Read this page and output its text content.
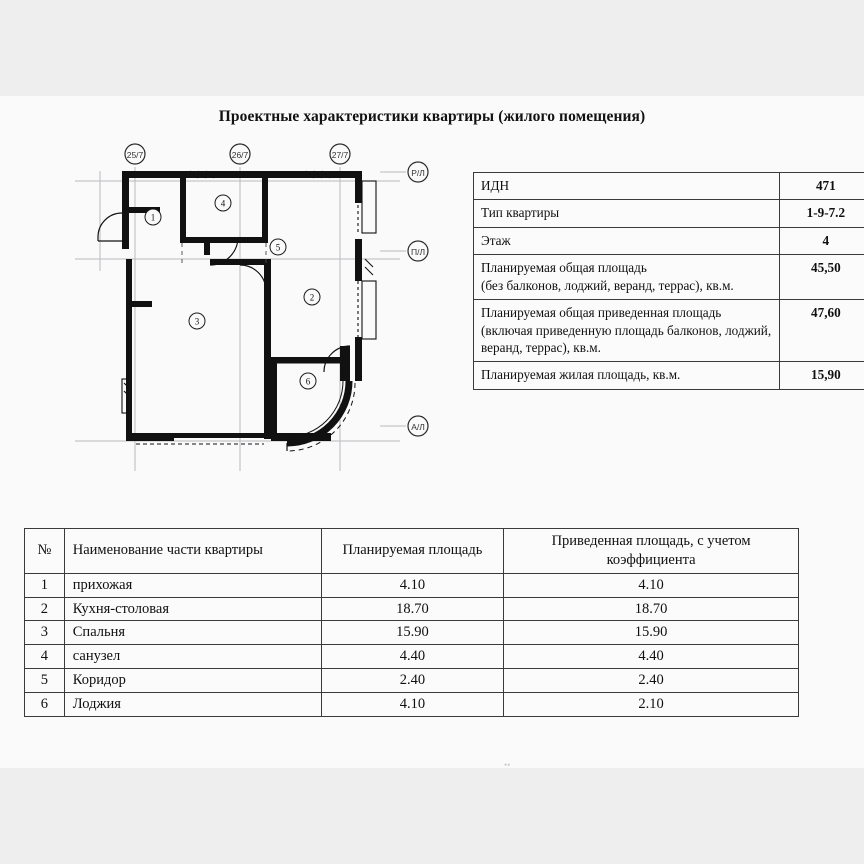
Проектные характеристики квартиры (жилого помещения)
25/7	26/7	27/7
Р/Л
П/Л
А/Л
1
4
5
2
3
6
ИДН	471
Тип квартиры	1-9-7.2
Этаж	4
Планируемая общая площадь
(без балконов, лоджий, веранд, террас), кв.м.	45,50
Планируемая общая приведенная площадь
(включая приведенную площадь балконов, лоджий, веранд, террас), кв.м.	47,60
Планируемая жилая площадь, кв.м.	15,90
№	Наименование части квартиры	Планируемая площадь	Приведенная площадь, с учетом коэффициента
1	прихожая	4.10	4.10
2	Кухня-столовая	18.70	18.70
3	Спальня	15.90	15.90
4	санузел	4.40	4.40
5	Коридор	2.40	2.40
6	Лоджия	4.10	2.10
••
